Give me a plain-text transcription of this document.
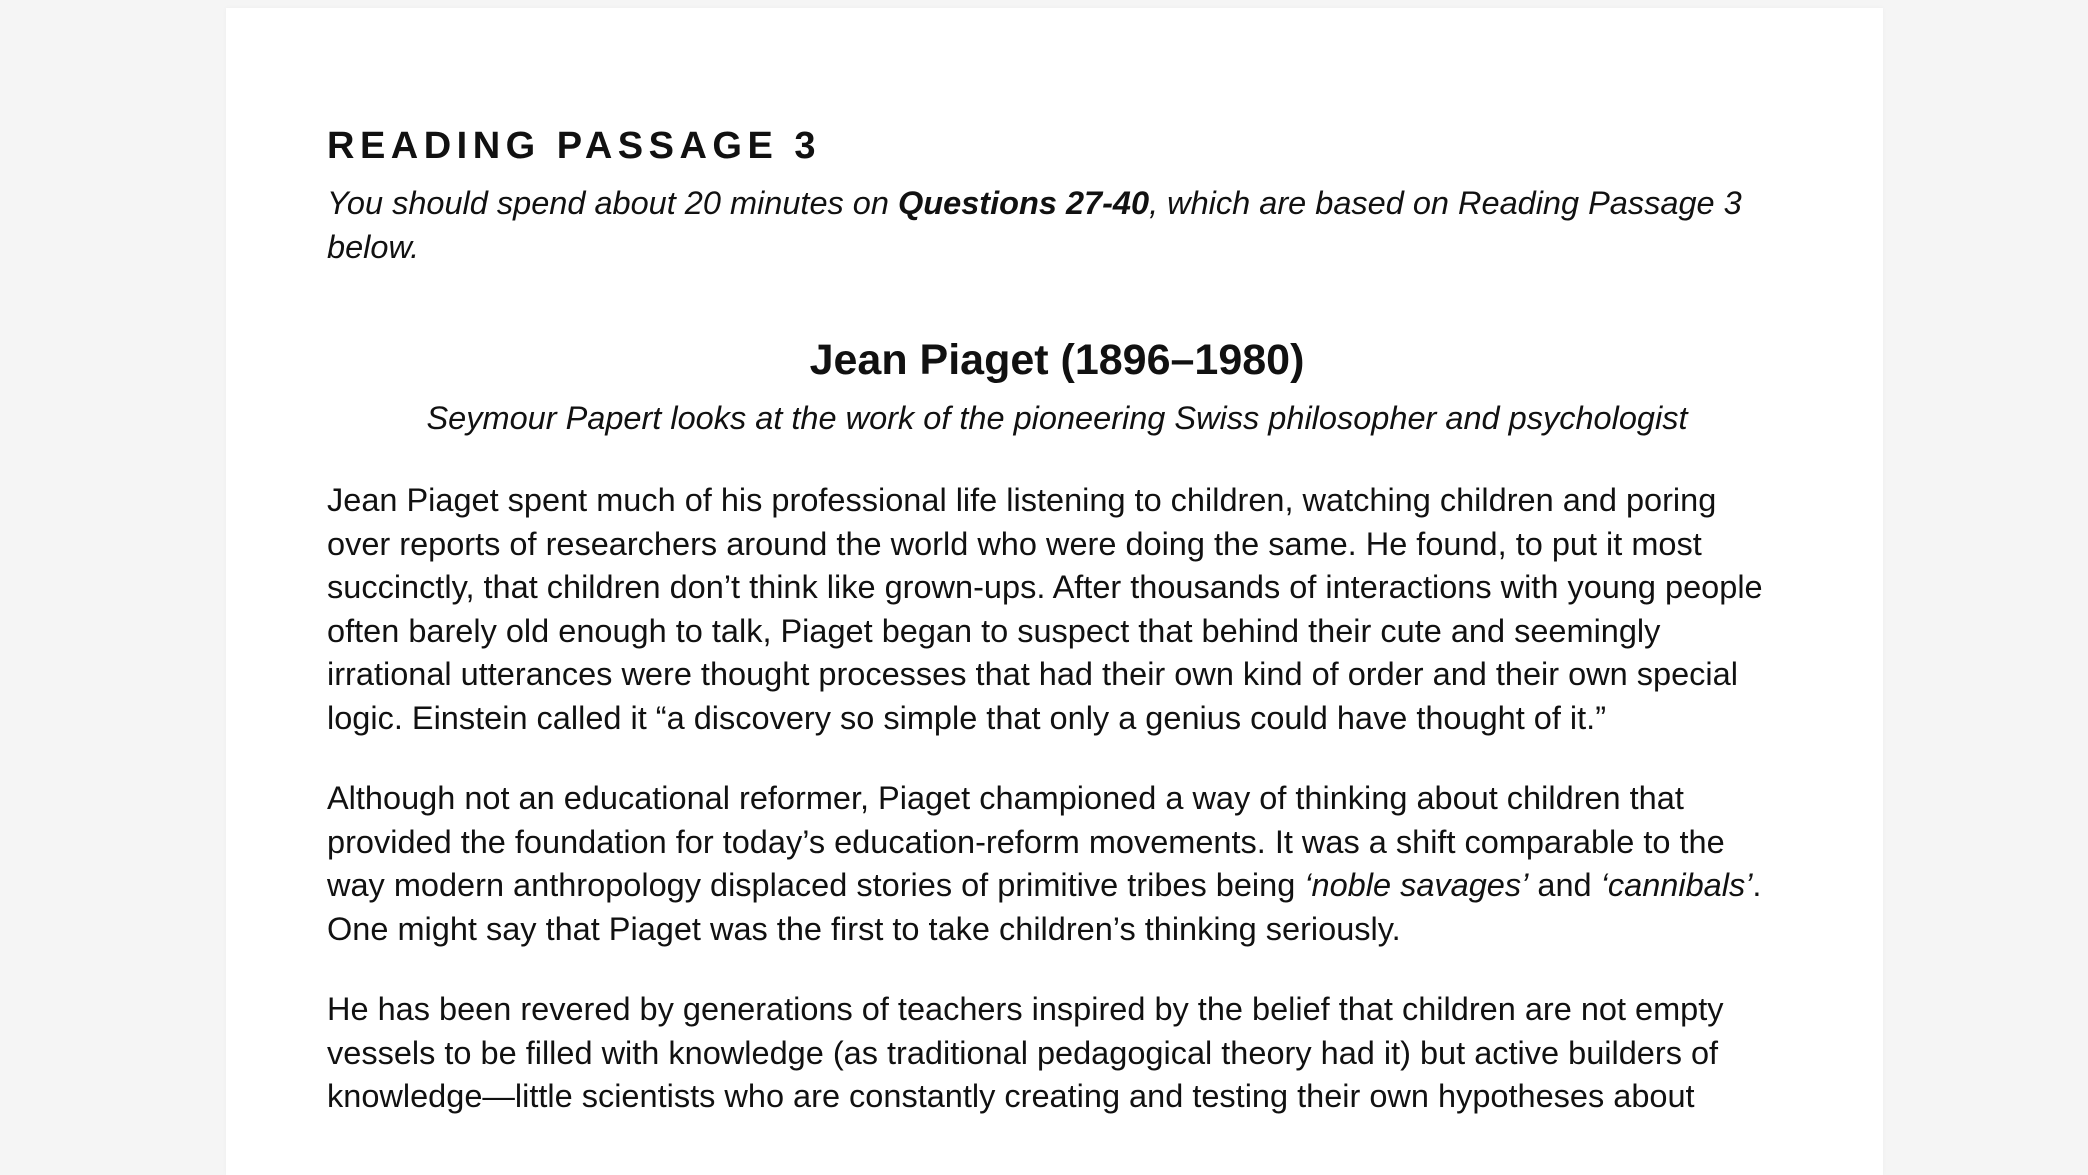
READING PASSAGE 3

You should spend about 20 minutes on Questions 27-40, which are based on Reading Passage 3 below.

Jean Piaget (1896–1980)

Seymour Papert looks at the work of the pioneering Swiss philosopher and psychologist

Jean Piaget spent much of his professional life listening to children, watching children and poring over reports of researchers around the world who were doing the same. He found, to put it most succinctly, that children don’t think like grown-ups. After thousands of interactions with young people often barely old enough to talk, Piaget began to suspect that behind their cute and seemingly irrational utterances were thought processes that had their own kind of order and their own special logic. Einstein called it “a discovery so simple that only a genius could have thought of it.”

Although not an educational reformer, Piaget championed a way of thinking about children that provided the foundation for today’s education-reform movements. It was a shift comparable to the way modern anthropology displaced stories of primitive tribes being ‘noble savages’ and ‘cannibals’. One might say that Piaget was the first to take children’s thinking seriously.

He has been revered by generations of teachers inspired by the belief that children are not empty vessels to be filled with knowledge (as traditional pedagogical theory had it) but active builders of knowledge—little scientists who are constantly creating and testing their own hypotheses about
